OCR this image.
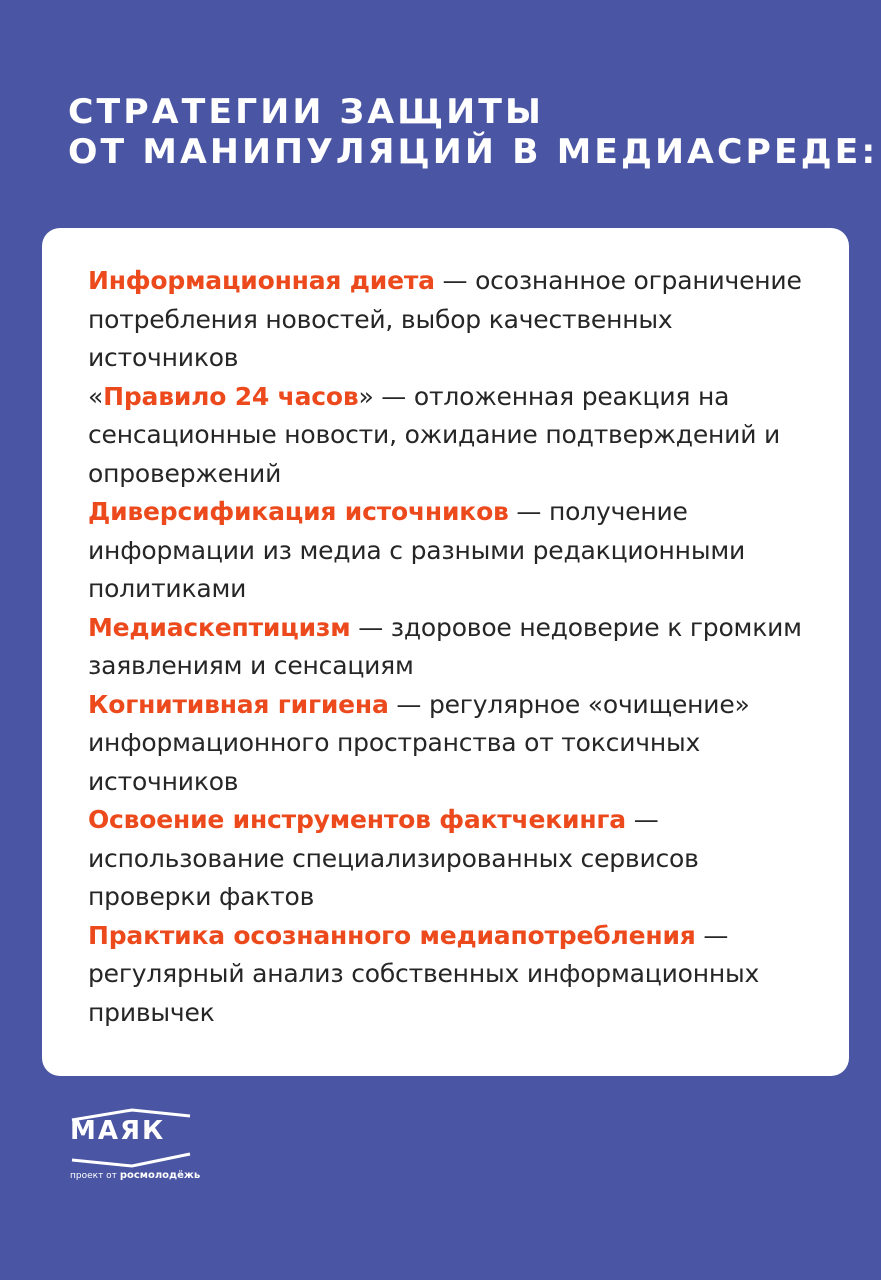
СТРАТЕГИИ ЗАЩИТЫ
ОТ МАНИПУЛЯЦИЙ В МЕДИАСРЕДЕ:

Информационная диета — осознанное ограничение потребления новостей, выбор качественных источников

«Правило 24 часов» — отложенная реакция на сенсационные новости, ожидание подтверждений и опровержений

Диверсификация источников — получение информации из медиа с разными редакционными политиками

Медиаскептицизм — здоровое недоверие к громким заявлениям и сенсациям

Когнитивная гигиена — регулярное «очищение» информационного пространства от токсичных источников

Освоение инструментов фактчекинга — использование специализированных сервисов проверки фактов

Практика осознанного медиапотребления — регулярный анализ собственных информационных привычек

МАЯК
проект от росмолодёжь
